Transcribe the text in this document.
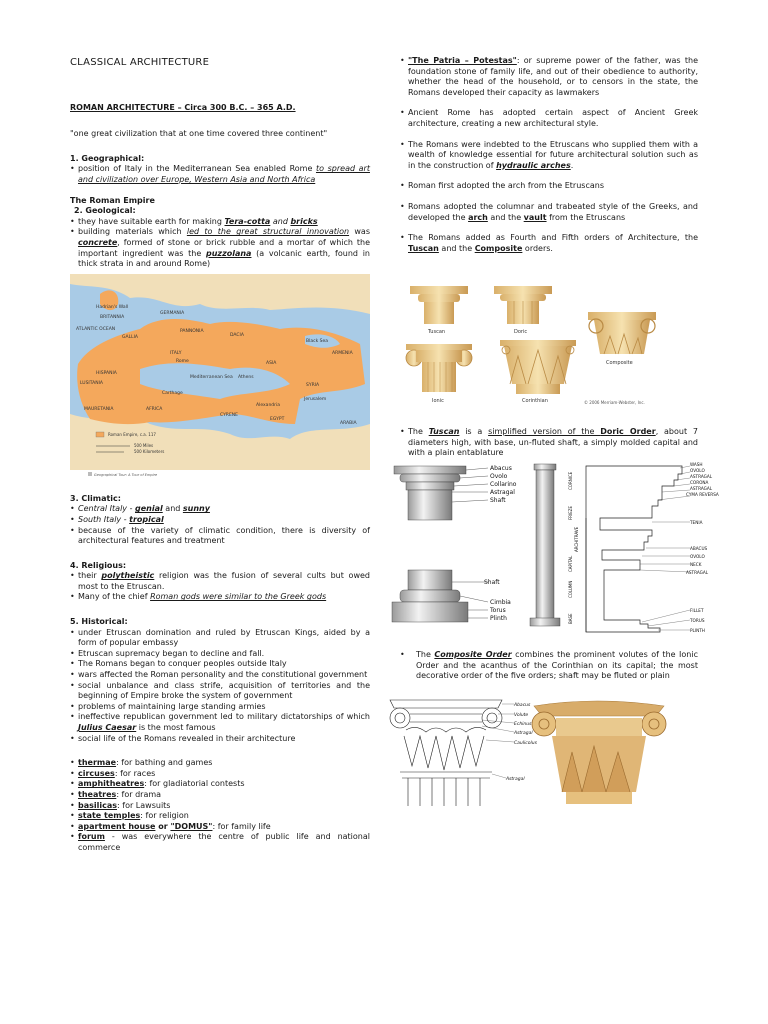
CLASSICAL ARCHITECTURE
ROMAN ARCHITECTURE – Circa 300 B.C. – 365 A.D.
"one great civilization that at one time covered three continent"
1. Geographical:
• position of Italy in the Mediterranean Sea enabled Rome to spread art and civilization over Europe, Western Asia and North Africa
The Roman Empire
2. Geological:
• they have suitable earth for making Tera-cotta and bricks
• building materials which led to the great structural innovation was concrete, formed of stone or brick rubble and a mortar of which the important ingredient was the puzzolana (a volcanic earth, found in thick strata in and around Rome)
Hadrian's Wall
BRITANNIA
GERMANIA
ATLANTIC OCEAN
GALLIA	DACIA
PANNONIA
ITALY
Rome
HISPANIA
LUSITANIA
Carthage
AFRICA
ASIA
SYRIA
Athens
Alexandria
EGYPT
ARABIA
Jerusalem
ARMENIA
Black Sea
MAURETANIA
CYRENE
Mediterranean Sea
Roman Empire, c.a. 117
500 Miles
500 Kilometers
Geographical Tour: A Tour of Empire
3. Climatic:
• Central Italy - genial and sunny
• South Italy - tropical
• because of the variety of climatic condition, there is diversity of architectural features and treatment
4. Religious:
• their polytheistic religion was the fusion of several cults but owed most to the Etruscan.
• Many of the chief Roman gods were similar to the Greek gods
5. Historical:
• under Etruscan domination and ruled by Etruscan Kings, aided by a form of popular embassy
• Etruscan supremacy began to decline and fall.
• The Romans began to conquer peoples outside Italy
• wars affected the Roman personality and the constitutional government
• social unbalance and class strife, acquisition of territories and the beginning of Empire broke the system of government
• problems of maintaining large standing armies
• ineffective republican government led to military dictatorships of which Julius Caesar is the most famous
• social life of the Romans revealed in their architecture
• thermae: for bathing and games
• circuses: for races
• amphitheatres: for gladiatorial contests
• theatres: for drama
• basilicas: for Lawsuits
• state temples: for religion
• apartment house or "DOMUS": for family life
• forum - was everywhere the centre of public life and national commerce
• "The Patria – Potestas": or supreme power of the father, was the foundation stone of family life, and out of their obedience to authority, whether the head of the household, or to censors in the state, the Romans developed their capacity as lawmakers
• Ancient Rome has adopted certain aspect of Ancient Greek architecture, creating a new architectural style.
• The Romans were indebted to the Etruscans who supplied them with a wealth of knowledge essential for future architectural solution such as in the construction of hydraulic arches.
• Roman first adopted the arch from the Etruscans
• Romans adopted the columnar and trabeated style of the Greeks, and developed the arch and the vault from the Etruscans
• The Romans added as Fourth and Fifth orders of Architecture, the Tuscan and the Composite orders.
Tuscan	Doric
Composite
Ionic	Corinthian	© 2006 Merriam-Webster, Inc.
• The Tuscan is a simplified version of the Doric Order, about 7 diameters high, with base, un-fluted shaft, a simply molded capital and with a plain entablature
Abacus
Ovolo
Collarino
Astragal
Shaft
Shaft
Cimbia
Torus
Plinth
CORNICE
FRIEZE
ARCHITRAVE
CAPITAL
COLUMN
BASE
WASH
OVOLO
ASTRAGAL
CORONA
ASTRAGAL
CYMA REVERSA
TENIA
ABACUS
OVOLO
NECK
ASTRAGAL
FILLET
TORUS
PLINTH
• The Composite Order combines the prominent volutes of the Ionic Order and the acanthus of the Corinthian on its capital; the most decorative order of the five orders; shaft may be fluted or plain
Abacus
Volute
Echinus
Astragal
Caulicolus
Astragal
